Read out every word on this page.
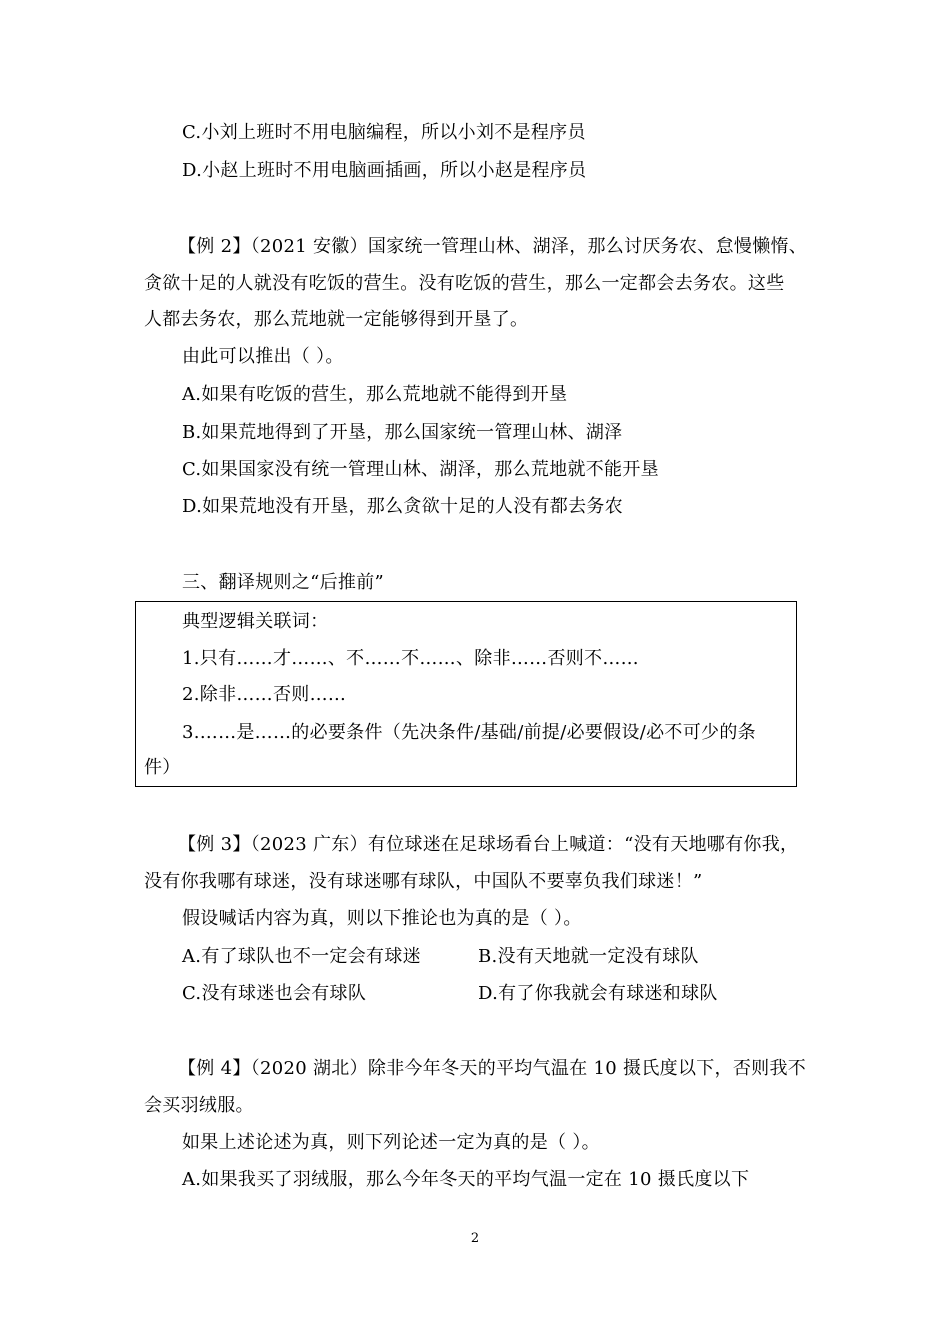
C.小刘上班时不用电脑编程，所以小刘不是程序员
D.小赵上班时不用电脑画插画，所以小赵是程序员
【例 2】（2021 安徽）国家统一管理山林、湖泽，那么讨厌务农、怠慢懒惰、
贪欲十足的人就没有吃饭的营生。没有吃饭的营生，那么一定都会去务农。这些
人都去务农，那么荒地就一定能够得到开垦了。
由此可以推出（ ）。
A.如果有吃饭的营生，那么荒地就不能得到开垦
B.如果荒地得到了开垦，那么国家统一管理山林、湖泽
C.如果国家没有统一管理山林、湖泽，那么荒地就不能开垦
D.如果荒地没有开垦，那么贪欲十足的人没有都去务农
三、翻译规则之“后推前”
典型逻辑关联词：
1.只有……才……、不……不……、除非……否则不……
2.除非……否则……
3.……是……的必要条件（先决条件/基础/前提/必要假设/必不可少的条
件）
【例 3】（2023 广东）有位球迷在足球场看台上喊道：“没有天地哪有你我，
没有你我哪有球迷，没有球迷哪有球队，中国队不要辜负我们球迷！”
假设喊话内容为真，则以下推论也为真的是（ ）。
A.有了球队也不一定会有球迷	B.没有天地就一定没有球队
C.没有球迷也会有球队	D.有了你我就会有球迷和球队
【例 4】（2020 湖北）除非今年冬天的平均气温在 10 摄氏度以下，否则我不
会买羽绒服。
如果上述论述为真，则下列论述一定为真的是（ ）。
A.如果我买了羽绒服，那么今年冬天的平均气温一定在 10 摄氏度以下
2
